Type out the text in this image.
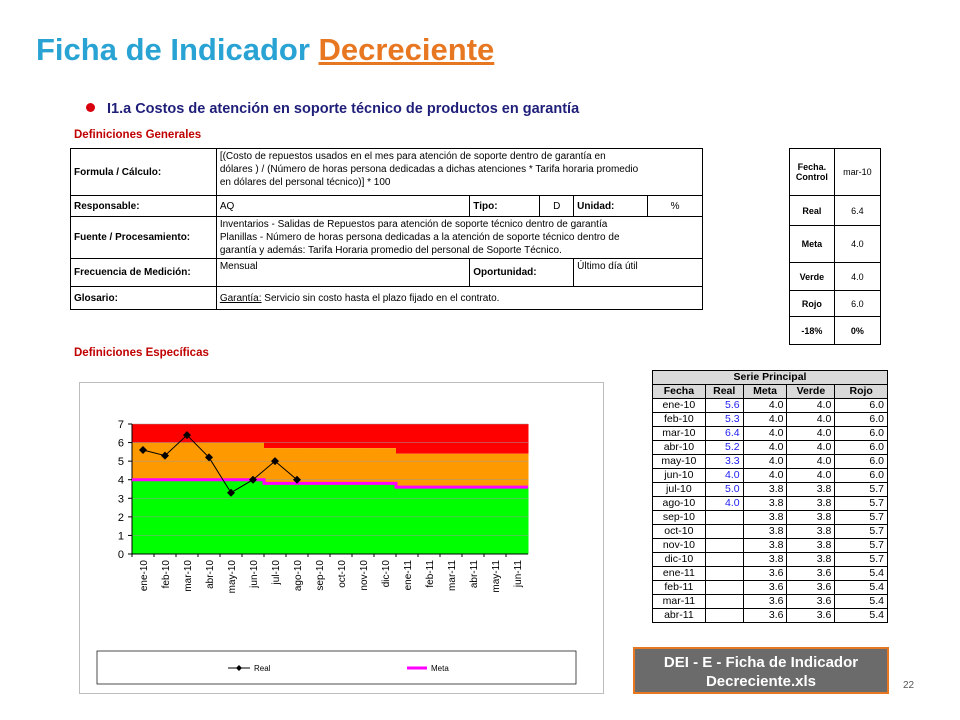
Ficha de Indicador Decreciente
I1.a Costos de atención en soporte técnico de productos en garantía
Definiciones Generales
Formula / Cálculo:	[(Costo de repuestos usados en el mes para atención de soporte dentro de garantía en
dólares ) / (Número de horas persona dedicadas a dichas atenciones * Tarifa horaria promedio
en dólares del personal técnico)] * 100				

Responsable:	AQ	Tipo:	D	Unidad:	%
Fuente / Procesamiento:	Inventarios - Salidas de Repuestos para atención de soporte técnico dentro de garantía
Planillas - Número de horas persona dedicadas a la atención de soporte técnico dentro de
garantía y además: Tarifa Horaria promedio del personal de Soporte Técnico.				

Frecuencia de Medición:	Mensual	Oportunidad:		Último día útil	
Glosario:	Garantía: Servicio sin costo hasta el plazo fijado en el contrato.				
Fecha.
Control	mar-10
Real	6.4
Meta	4.0
Verde	4.0
Rojo	6.0
-18%	0%
Definiciones Específicas
0
1
2
3
4
5
6
7
ene-10 feb-10 mar-10 abr-10 may-10 jun-10 jul-10 ago-10 sep-10 oct-10 nov-10 dic-10 ene-11 feb-11 mar-11 abr-11 may-11 jun-11
Real	Meta
Serie Principal				
Fecha	Real	Meta	Verde	Rojo
ene-10	5.6	4.0	4.0	6.0
feb-10	5.3	4.0	4.0	6.0
mar-10	6.4	4.0	4.0	6.0
abr-10	5.2	4.0	4.0	6.0
may-10	3.3	4.0	4.0	6.0
jun-10	4.0	4.0	4.0	6.0
jul-10	5.0	3.8	3.8	5.7
ago-10	4.0	3.8	3.8	5.7
sep-10		3.8	3.8	5.7
oct-10		3.8	3.8	5.7
nov-10		3.8	3.8	5.7
dic-10		3.8	3.8	5.7
ene-11		3.6	3.6	5.4
feb-11		3.6	3.6	5.4
mar-11		3.6	3.6	5.4
abr-11		3.6	3.6	5.4
DEI - E - Ficha de Indicador
Decreciente.xls	22
